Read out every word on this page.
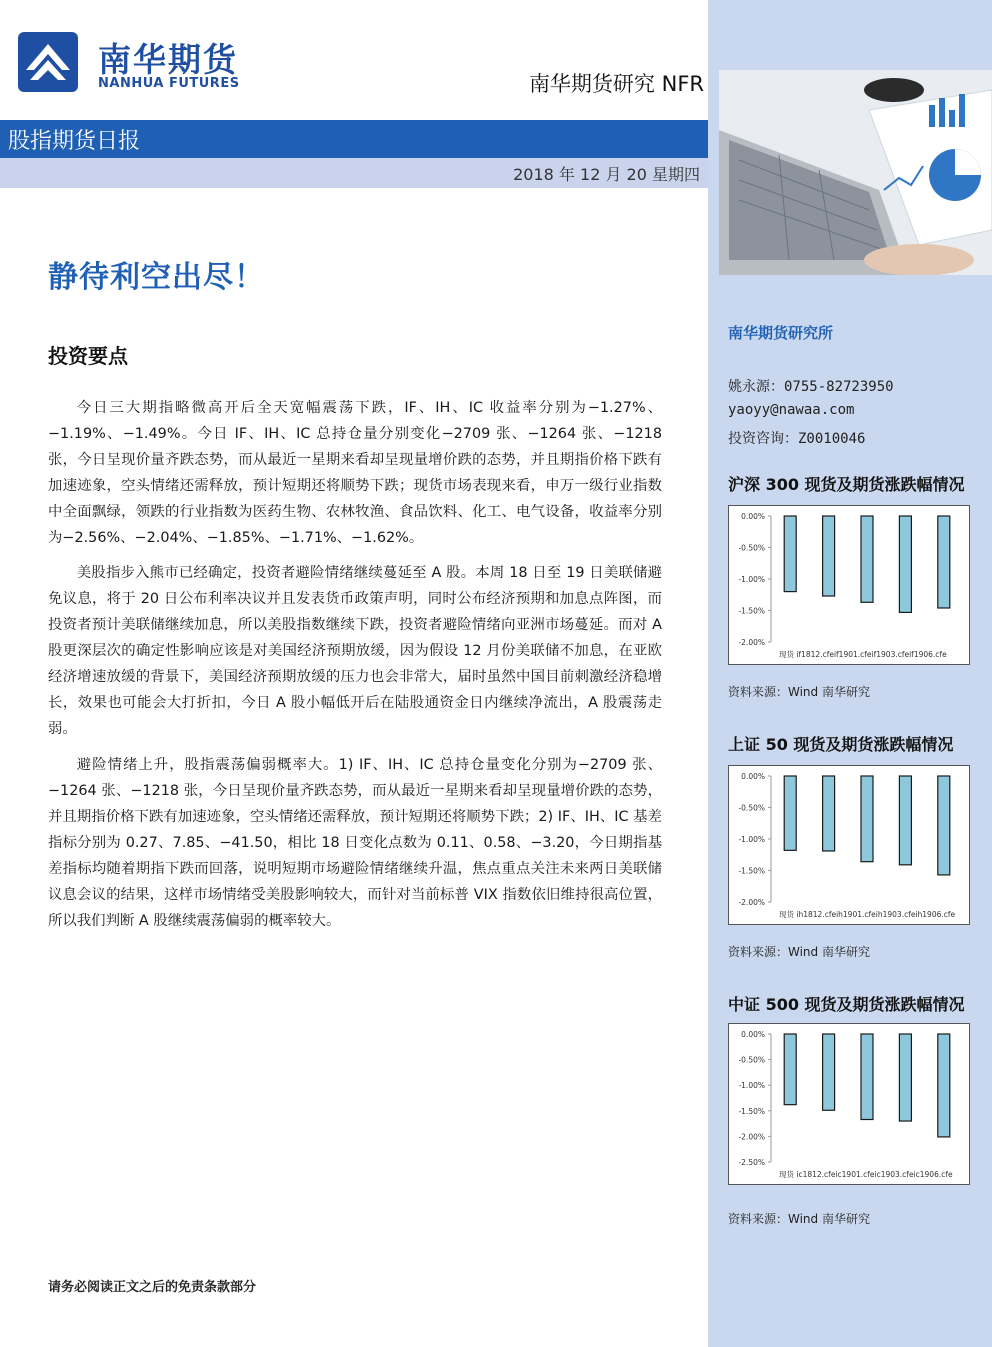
南华期货
NANHUA FUTURES	南华期货研究 NFR
股指期货日报
2018 年 12 月 20 星期四
静待利空出尽！
投资要点
今日三大期指略微高开后全天宽幅震荡下跌，IF、IH、IC 收益率分别为−1.27%、−1.19%、−1.49%。今日 IF、IH、IC 总持仓量分别变化−2709 张、−1264 张、−1218 张，今日呈现价量齐跌态势，而从最近一星期来看却呈现量增价跌的态势，并且期指价格下跌有加速迹象，空头情绪还需释放，预计短期还将顺势下跌；现货市场表现来看，申万一级行业指数中全面飘绿，领跌的行业指数为医药生物、农林牧渔、食品饮料、化工、电气设备，收益率分别为−2.56%、−2.04%、−1.85%、−1.71%、−1.62%。
美股指步入熊市已经确定，投资者避险情绪继续蔓延至 A 股。本周 18 日至 19 日美联储避免议息，将于 20 日公布利率决议并且发表货币政策声明，同时公布经济预期和加息点阵图，而投资者预计美联储继续加息，所以美股指数继续下跌，投资者避险情绪向亚洲市场蔓延。而对 A 股更深层次的确定性影响应该是对美国经济预期放缓，因为假设 12 月份美联储不加息，在亚欧经济增速放缓的背景下，美国经济预期放缓的压力也会非常大，届时虽然中国目前刺激经济稳增长，效果也可能会大打折扣，今日 A 股小幅低开后在陆股通资金日内继续净流出，A 股震荡走弱。
避险情绪上升，股指震荡偏弱概率大。1) IF、IH、IC 总持仓量变化分别为−2709 张、−1264 张、−1218 张，今日呈现价量齐跌态势，而从最近一星期来看却呈现量增价跌的态势，并且期指价格下跌有加速迹象，空头情绪还需释放，预计短期还将顺势下跌；2) IF、IH、IC 基差指标分别为 0.27、7.85、−41.50，相比 18 日变化点数为 0.11、0.58、−3.20，今日期指基差指标均随着期指下跌而回落，说明短期市场避险情绪继续升温，焦点重点关注未来两日美联储议息会议的结果，这样市场情绪受美股影响较大，而针对当前标普 VIX 指数依旧维持很高位置，所以我们判断 A 股继续震荡偏弱的概率较大。
请务必阅读正文之后的免责条款部分
南华期货研究所
姚永源：0755-82723950
yaoyy@nawaa.com
投资咨询：Z0010046
沪深 300 现货及期货涨跌幅情况
0.00%
-0.50%
-1.00%
-1.50%
-2.00%
现货 if1812.cfeif1901.cfeif1903.cfeif1906.cfe
资料来源：Wind 南华研究
上证 50 现货及期货涨跌幅情况
0.00%
-0.50%
-1.00%
-1.50%
-2.00%
现货 ih1812.cfeih1901.cfeih1903.cfeih1906.cfe
资料来源：Wind 南华研究
中证 500 现货及期货涨跌幅情况
0.00%
-0.50%
-1.00%
-1.50%
-2.00%
-2.50%
现货 ic1812.cfeic1901.cfeic1903.cfeic1906.cfe
资料来源：Wind 南华研究
